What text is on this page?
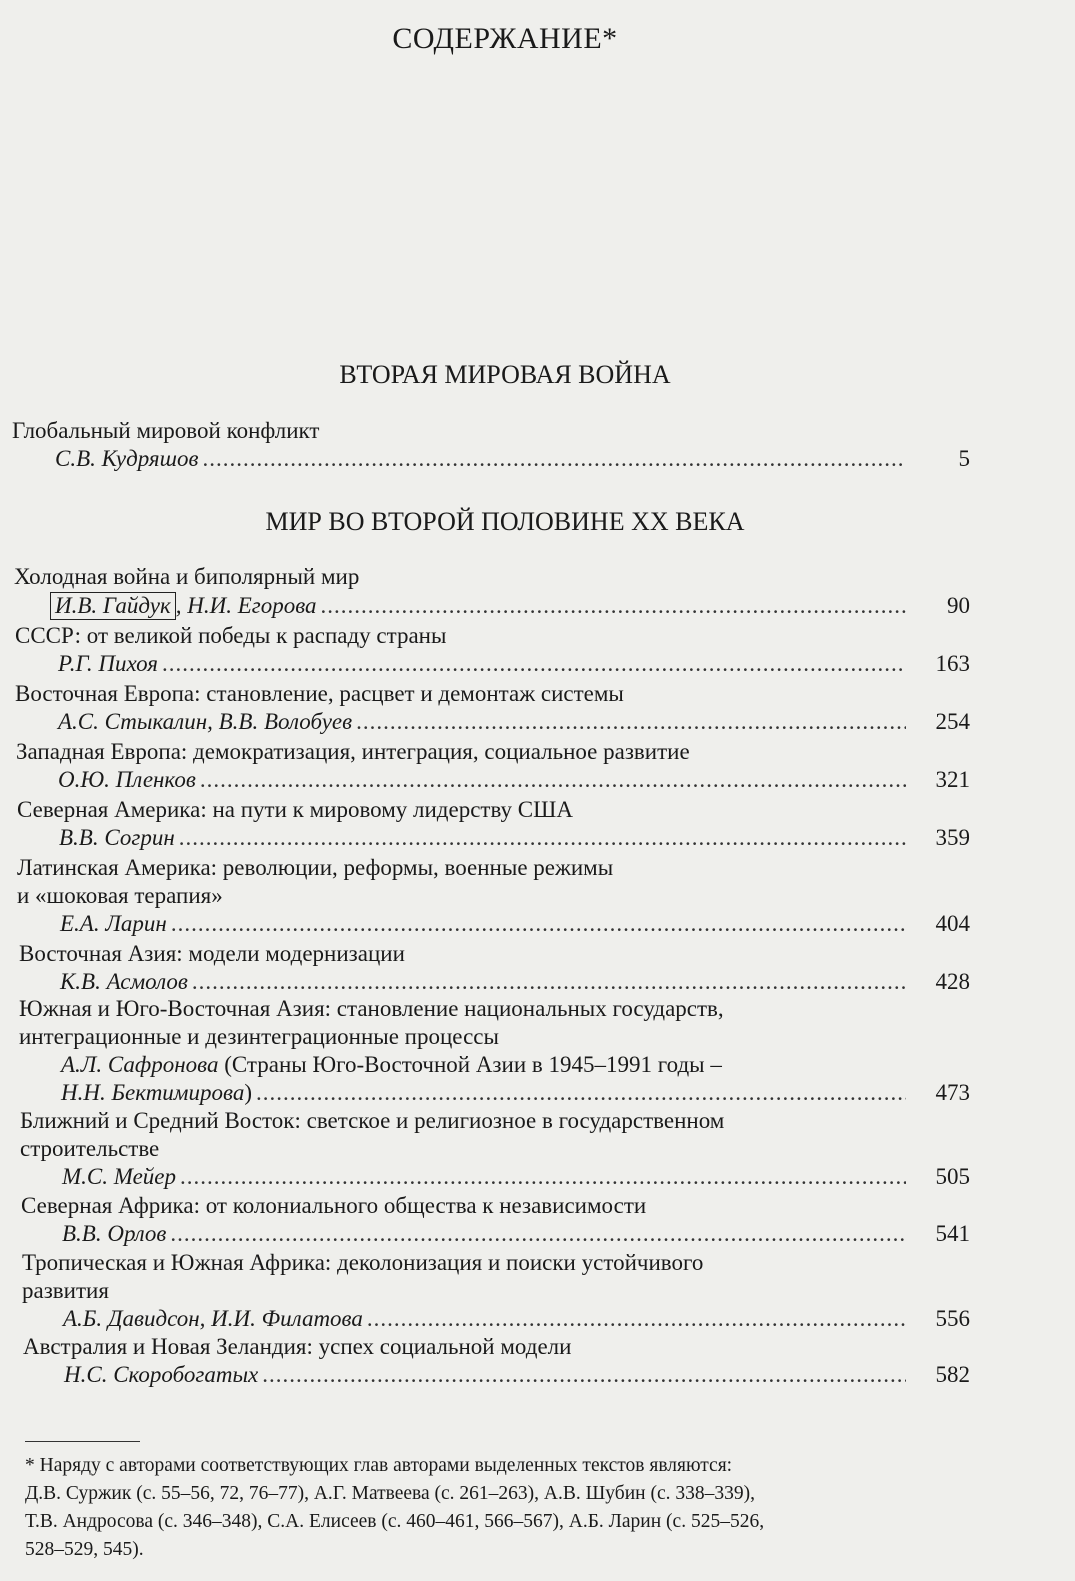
СОДЕРЖАНИЕ*
ВТОРАЯ МИРОВАЯ ВОЙНА
Глобальный мировой конфликт
С.В. Кудряшов .....	5
МИР ВО ВТОРОЙ ПОЛОВИНЕ XX ВЕКА
Холодная война и биполярный мир
И.В. Гайдук , Н.И. Егорова .....	90
СССР: от великой победы к распаду страны
Р.Г. Пихоя .....	163
Восточная Европа: становление, расцвет и демонтаж системы
А.С. Стыкалин, В.В. Волобуев .....	254
Западная Европа: демократизация, интеграция, социальное развитие
О.Ю. Пленков .....	321
Северная Америка: на пути к мировому лидерству США
В.В. Согрин .....	359
Латинская Америка: революции, реформы, военные режимы
и «шоковая терапия»
Е.А. Ларин .....	404
Восточная Азия: модели модернизации
К.В. Асмолов .....	428
Южная и Юго-Восточная Азия: становление национальных государств,
интеграционные и дезинтеграционные процессы
А.Л. Сафронова (Страны Юго-Восточной Азии в 1945–1991 годы –
Н.Н. Бектимирова ) .....	473
Ближний и Средний Восток: светское и религиозное в государственном
строительстве
М.С. Мейер .....	505
Северная Африка: от колониального общества к независимости
В.В. Орлов .....	541
Тропическая и Южная Африка: деколонизация и поиски устойчивого
развития
А.Б. Давидсон, И.И. Филатова .....	556
Австралия и Новая Зеландия: успех социальной модели
Н.С. Скоробогатых .....	582
* Наряду с авторами соответствующих глав авторами выделенных текстов являются:
Д.В. Суржик (с. 55–56, 72, 76–77), А.Г. Матвеева (с. 261–263), А.В. Шубин (с. 338–339),
Т.В. Андросова (с. 346–348), С.А. Елисеев (с. 460–461, 566–567), А.Б. Ларин (с. 525–526,
528–529, 545).
